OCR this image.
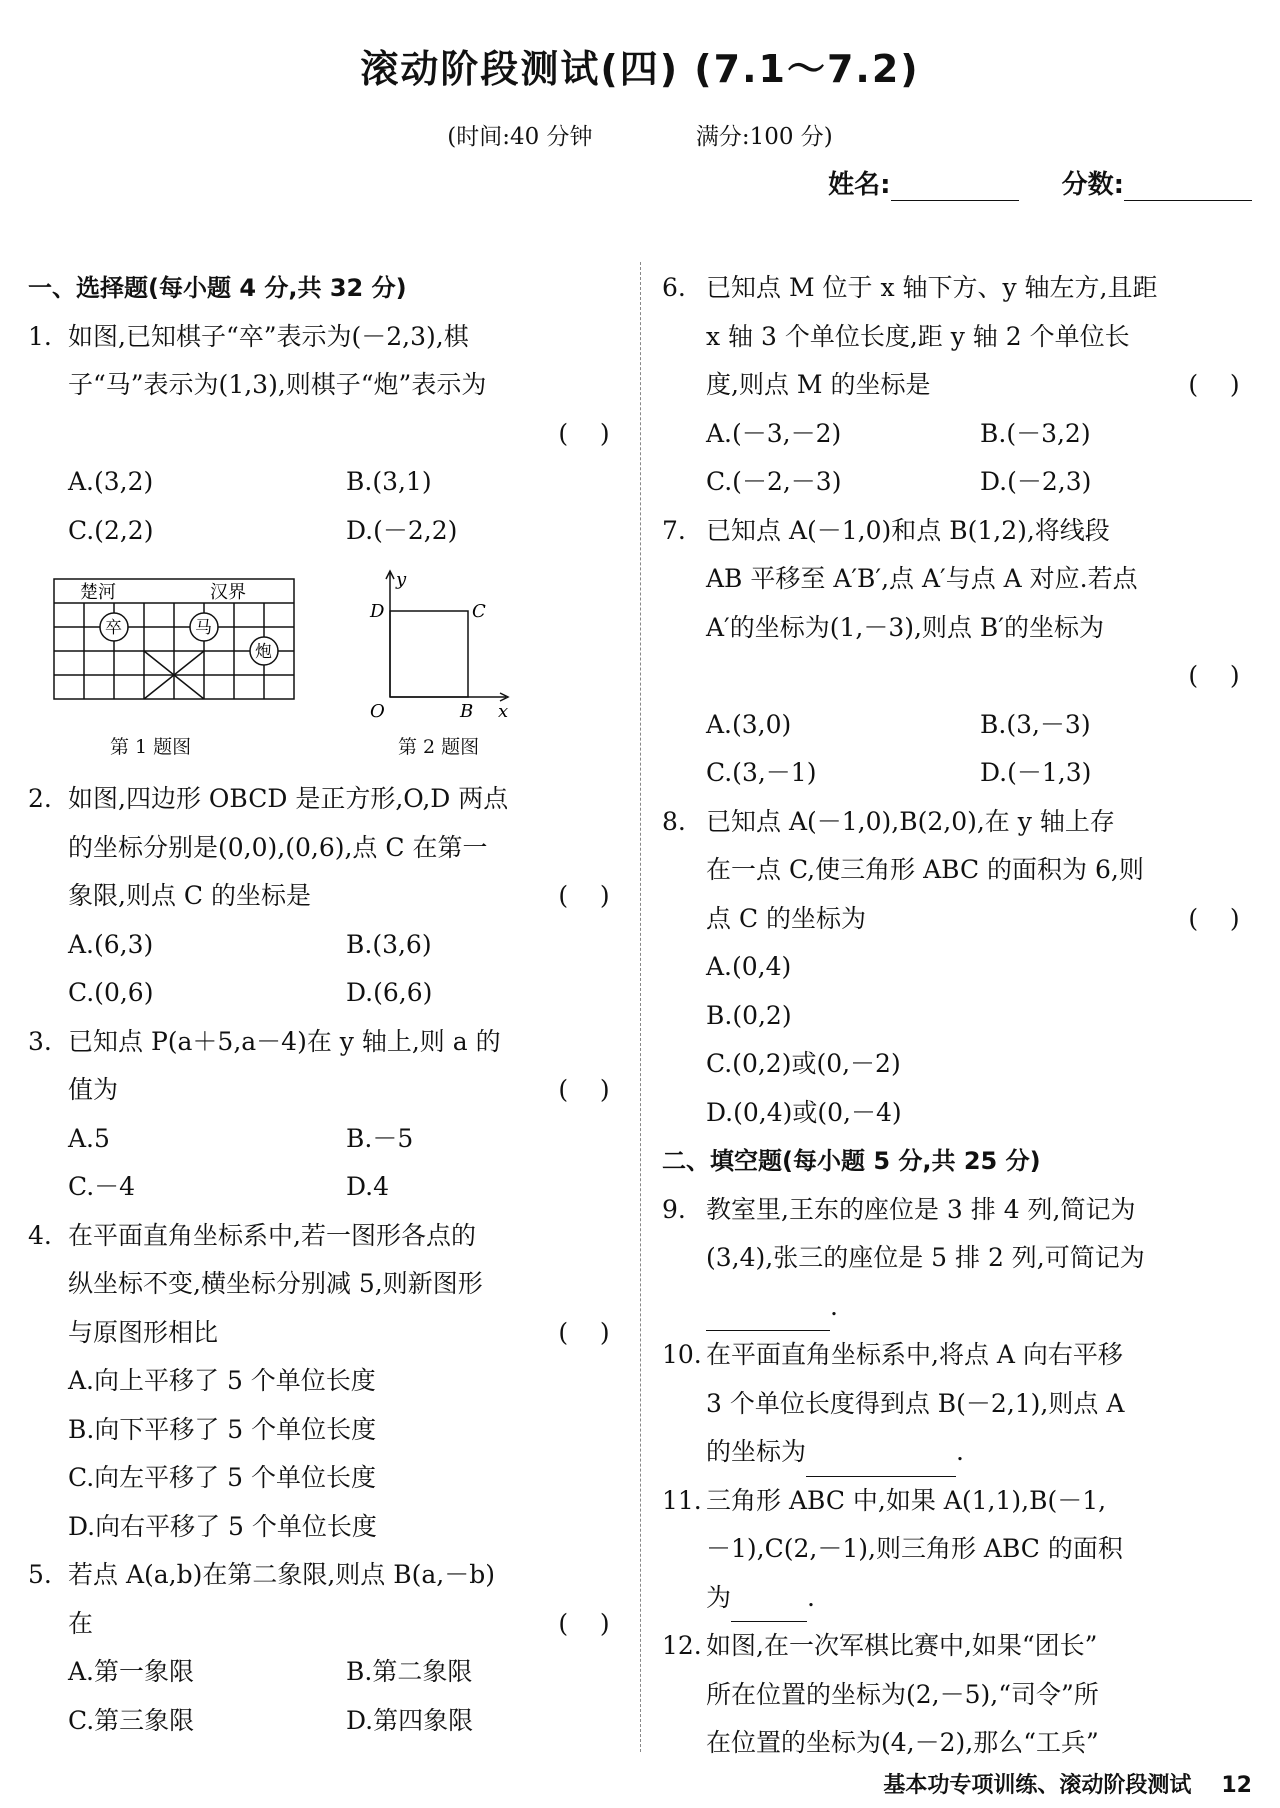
滚动阶段测试(四) (7.1～7.2)
(时间:40 分钟	满分:100 分)
姓名:	分数:
一、选择题(每小题 4 分,共 32 分)
1. 如图,已知棋子“卒”表示为(－2,3),棋
子“马”表示为(1,3),则棋子“炮”表示为
(    )
A.(3,2)	B.(3,1)
C.(2,2)	D.(－2,2)
楚河	汉界
卒	马
炮
y
x
O	B
C
D
第 1 题图	第 2 题图
2. 如图,四边形 OBCD 是正方形,O,D 两点
的坐标分别是(0,0),(0,6),点 C 在第一
(    )
象限,则点 C 的坐标是
A.(6,3)	B.(3,6)
C.(0,6)	D.(6,6)
3. 已知点 P(a＋5,a－4)在 y 轴上,则 a 的
(    )
值为
A.5	B.－5
C.－4	D.4
4. 在平面直角坐标系中,若一图形各点的
纵坐标不变,横坐标分别减 5,则新图形
(    )
与原图形相比
A.向上平移了 5 个单位长度
B.向下平移了 5 个单位长度
C.向左平移了 5 个单位长度
D.向右平移了 5 个单位长度
5. 若点 A(a,b)在第二象限,则点 B(a,－b)
(    )
在
A.第一象限	B.第二象限
C.第三象限	D.第四象限
6. 已知点 M 位于 x 轴下方、y 轴左方,且距
x 轴 3 个单位长度,距 y 轴 2 个单位长
(    )
度,则点 M 的坐标是
A.(－3,－2)	B.(－3,2)
C.(－2,－3)	D.(－2,3)
7. 已知点 A(－1,0)和点 B(1,2),将线段
AB 平移至 A′B′,点 A′与点 A 对应.若点
A′的坐标为(1,－3),则点 B′的坐标为
(    )

A.(3,0)	B.(3,－3)
C.(3,－1)	D.(－1,3)
8. 已知点 A(－1,0),B(2,0),在 y 轴上存
在一点 C,使三角形 ABC 的面积为 6,则
(    )
点 C 的坐标为
A.(0,4)
B.(0,2)
C.(0,2)或(0,－2)
D.(0,4)或(0,－4)
二、填空题(每小题 5 分,共 25 分)
9. 教室里,王东的座位是 3 排 4 列,简记为
(3,4),张三的座位是 5 排 2 列,可简记为
.
10. 在平面直角坐标系中,将点 A 向右平移
3 个单位长度得到点 B(－2,1),则点 A
的坐标为	.
11. 三角形 ABC 中,如果 A(1,1),B(－1,
－1),C(2,－1),则三角形 ABC 的面积
为	.
12. 如图,在一次军棋比赛中,如果“团长”
所在位置的坐标为(2,－5),“司令”所
在位置的坐标为(4,－2),那么“工兵”
基本功专项训练、滚动阶段测试 12
